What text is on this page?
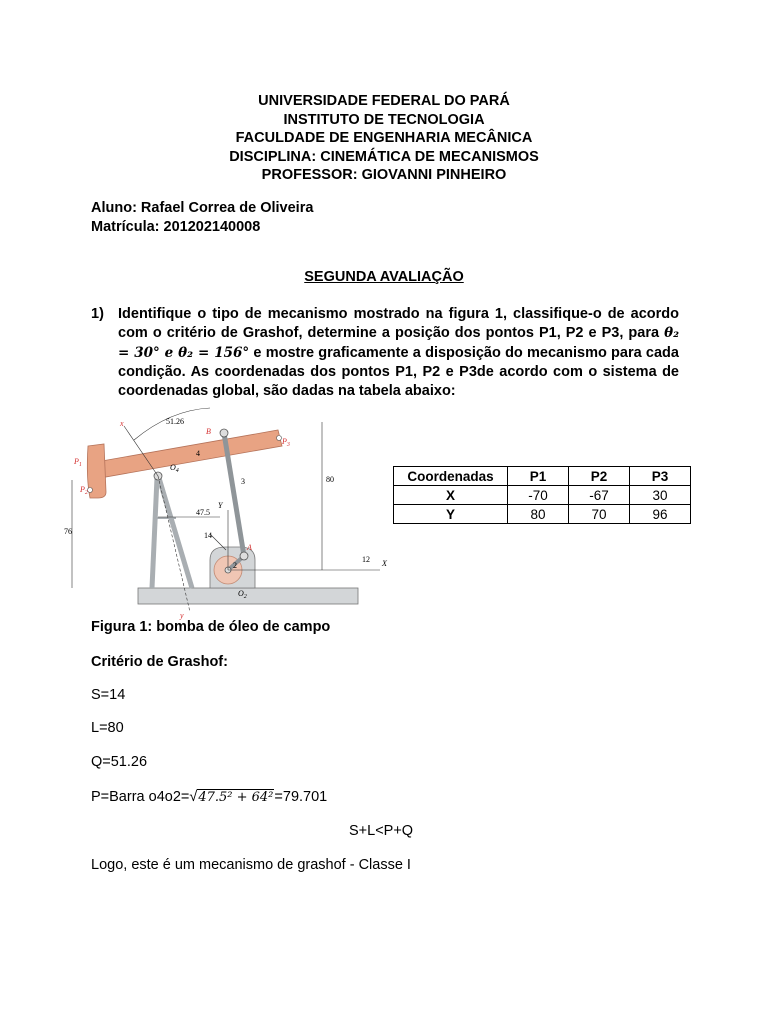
UNIVERSIDADE FEDERAL DO PARÁ
INSTITUTO DE TECNOLOGIA
FACULDADE DE ENGENHARIA MECÂNICA
DISCIPLINA: CINEMÁTICA DE MECANISMOS
PROFESSOR: GIOVANNI PINHEIRO
Aluno: Rafael Correa de Oliveira
Matrícula: 201202140008
SEGUNDA AVALIAÇÃO
1) Identifique o tipo de mecanismo mostrado na figura 1, classifique-o de acordo com o critério de Grashof, determine a posição dos pontos P1, P2 e P3, para θ₂ = 30° e θ₂ = 156° e mostre graficamente a disposição do mecanismo para cada condição. As coordenadas dos pontos P1, P2 e P3de acordo com o sistema de coordenadas global, são dadas na tabela abaixo:
51.26
80
76
47.5
14
12
4
3
2
B
A
$P_1$
$P_2$
$P_3$
$O_4$
$O_2$
x
y
X
Y
Coordenadas	P1	P2	P3
X	-70	-67	30
Y	80	70	96
Figura 1: bomba de óleo de campo
Critério de Grashof:
S=14
L=80
Q=51.26
P=Barra o4o2=√47.5² + 64²=79.701
S+L<P+Q
Logo, este é um mecanismo de grashof - Classe I
